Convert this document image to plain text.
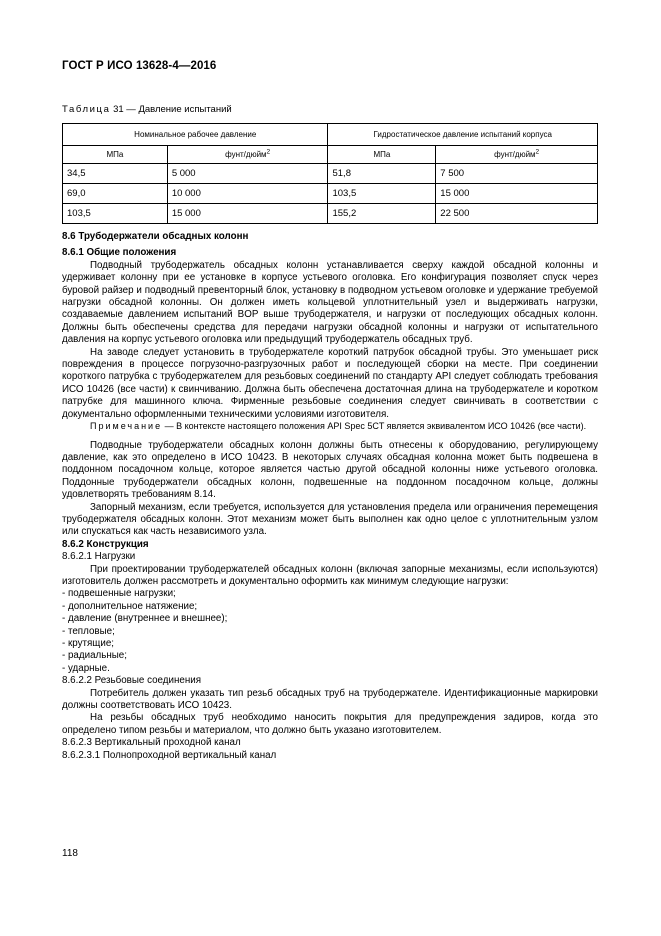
ГОСТ Р ИСО 13628-4—2016
Таблица 31 — Давление испытаний
Номинальное рабочее давление		Гидростатическое давление испытаний корпуса	
МПа	фунт/дюйм$^2$	МПа	фунт/дюйм$^2$
34,5	5 000	51,8	7 500
69,0	10 000	103,5	15 000
103,5	15 000	155,2	22 500

8.6 Трубодержатели обсадных колонн

8.6.1 Общие положения

Подводный трубодержатель обсадных колонн устанавливается сверху каждой обсадной колонны и удерживает колонну при ее установке в корпусе устьевого оголовка. Его конфигурация позволяет спуск через буровой райзер и подводный превенторный блок, установку в подводном устьевом оголовке и удержание требуемой нагрузки обсадной колонны. Он должен иметь кольцевой уплотнительный узел и выдерживать нагрузки, создаваемые давлением испытаний BOP выше трубодержателя, и нагрузки от последующих обсадных колонн. Должны быть обеспечены средства для передачи нагрузки обсадной колонны и нагрузки от испытательного давления на корпус устьевого оголовка или предыдущий трубодержатель обсадных труб.

На заводе следует установить в трубодержателе короткий патрубок обсадной трубы. Это уменьшает риск повреждения в процессе погрузочно-разгрузочных работ и последующей сборки на месте. При соединении короткого патрубка с трубодержателем для резьбовых соединений по стандарту API следует соблюдать требования ИСО 10426 (все части) к свинчиванию. Должна быть обеспечена достаточная длина на трубодержателе и коротком патрубке для машинного ключа. Фирменные резьбовые соединения следует свинчивать в соответствии с документально оформленными техническими условиями изготовителя.

Примечание — В контексте настоящего положения API Spec 5CT является эквивалентом ИСО 10426 (все части).

Подводные трубодержатели обсадных колонн должны быть отнесены к оборудованию, регулирующему давление, как это определено в ИСО 10423. В некоторых случаях обсадная колонна может быть подвешена в поддонном посадочном кольце, которое является частью другой обсадной колонны ниже устьевого оголовка. Поддонные трубодержатели обсадных колонн, подвешенные на поддонном посадочном кольце, должны удовлетворять требованиям 8.14.

Запорный механизм, если требуется, используется для установления предела или ограничения перемещения трубодержателя обсадных колонн. Этот механизм может быть выполнен как одно целое с уплотнительным узлом или спускаться как часть независимого узла.

8.6.2 Конструкция

8.6.2.1 Нагрузки

При проектировании трубодержателей обсадных колонн (включая запорные механизмы, если используются) изготовитель должен рассмотреть и документально оформить как минимум следующие нагрузки:

- подвешенные нагрузки;

- дополнительное натяжение;

- давление (внутреннее и внешнее);

- тепловые;

- крутящие;

- радиальные;

- ударные.

8.6.2.2 Резьбовые соединения

Потребитель должен указать тип резьб обсадных труб на трубодержателе. Идентификационные маркировки должны соответствовать ИСО 10423.

На резьбы обсадных труб необходимо наносить покрытия для предупреждения задиров, когда это определено типом резьбы и материалом, что должно быть указано изготовителем.

8.6.2.3 Вертикальный проходной канал

8.6.2.3.1 Полнопроходной вертикальный канал

118
